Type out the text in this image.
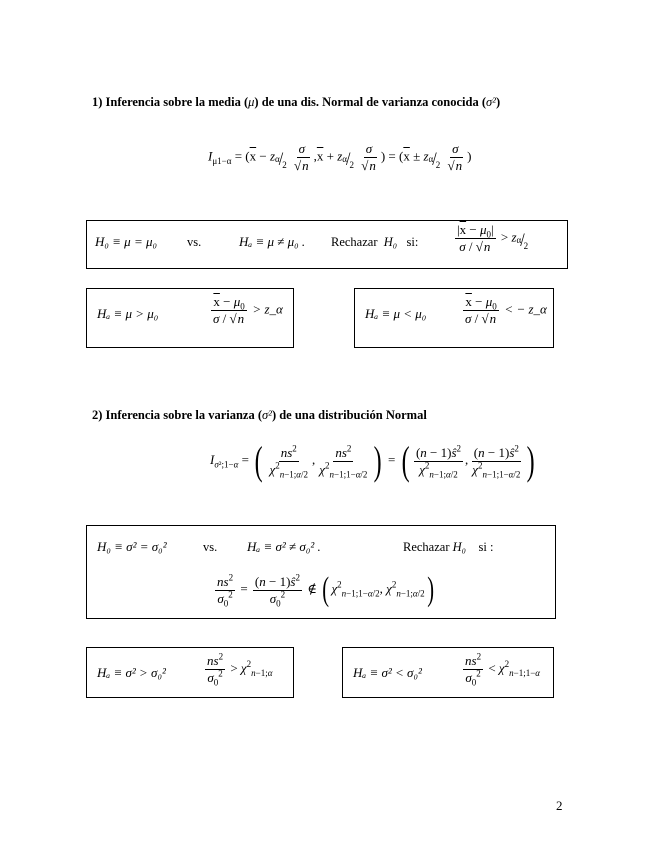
1) Inferencia sobre la media (μ) de una dis. Normal de varianza conocida (σ²)
$I_{\mu 1-\alpha} = (\overline{x} - z\alpha/2 \frac{\sigma}{√n} ,\overline{x} + z\alpha/2 \frac{\sigma}{√n}$ ) = ($\overline{x} \pm z\alpha/2 \frac{\sigma}{√n}$ )
H₀ ≡ μ = μ₀ vs.	Hₐ ≡ μ ≠ μ₀ . Rechazar H₀ si:	$\frac{|\overline{x} - \mu_0|}{\sigma / √n} > z\alpha/2$
Hₐ ≡ μ > μ₀	$\frac{\overline{x} - \mu_0}{\sigma / √n}$ > z_α	Hₐ ≡ μ < μ₀	$\frac{\overline{x} - \mu_0}{\sigma / √n}$ < − z_α
2) Inferencia sobre la varianza (σ²) de una distribución Normal
$I_{\sigma^2;1-\alpha}$ = ( $\frac{ns^2}{\chi^2_{n-1;\alpha/2}}$ , $\frac{ns^2}{\chi^2_{n-1;1-\alpha/2}}$ ) = ( $\frac{(n - 1)ŝ^2}{\chi^2_{n-1;\alpha/2}}$ , $\frac{(n - 1)ŝ^2}{\chi^2_{n-1;1-\alpha/2}}$ )
H₀ ≡ σ² = σ₀²	vs. Hₐ ≡ σ² ≠ σ₀² .	Rechazar H₀ si :
$\frac{ns^2}{\sigma_0^2} = \frac{(n - 1)ŝ^2}{\sigma_0^2}$ ∉ ( $\chi^2_{n-1;1-\alpha/2}$, $\chi^2_{n-1;\alpha/2}$)
Hₐ ≡ σ² > σ₀²	$\frac{ns^2}{\sigma_0^2} > \chi^2_{n-1;\alpha}$	Hₐ ≡ σ² < σ₀²	$\frac{ns^2}{\sigma_0^2} < \chi^2_{n-1;1-\alpha}$
2
